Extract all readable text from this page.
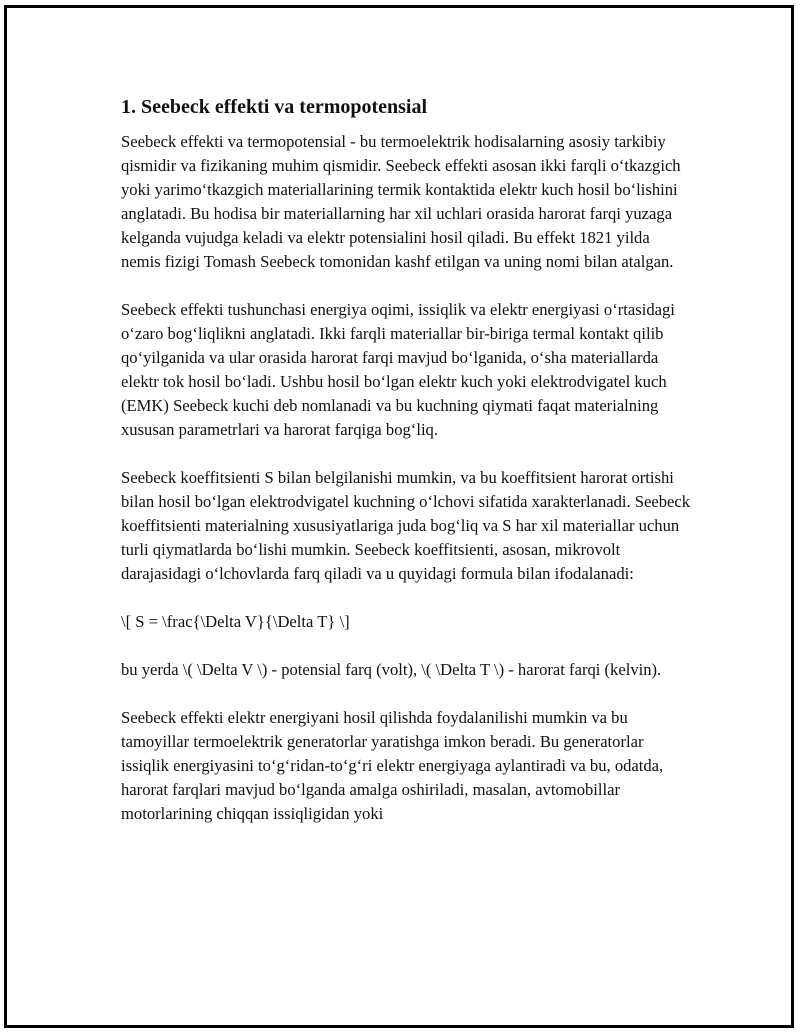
1. Seebeck effekti va termopotensial

Seebeck effekti va termopotensial - bu termoelektrik hodisalarning asosiy tarkibiy qismidir va fizikaning muhim qismidir. Seebeck effekti asosan ikki farqli o‘tkazgich yoki yarimo‘tkazgich materiallarining termik kontaktida elektr kuch hosil bo‘lishini anglatadi. Bu hodisa bir materiallarning har xil uchlari orasida harorat farqi yuzaga kelganda vujudga keladi va elektr potensialini hosil qiladi. Bu effekt 1821 yilda nemis fizigi Tomash Seebeck tomonidan kashf etilgan va uning nomi bilan atalgan.

Seebeck effekti tushunchasi energiya oqimi, issiqlik va elektr energiyasi o‘rtasidagi o‘zaro bog‘liqlikni anglatadi. Ikki farqli materiallar bir-biriga termal kontakt qilib qo‘yilganida va ular orasida harorat farqi mavjud bo‘lganida, o‘sha materiallarda elektr tok hosil bo‘ladi. Ushbu hosil bo‘lgan elektr kuch yoki elektrodvigatel kuch (EMK) Seebeck kuchi deb nomlanadi va bu kuchning qiymati faqat materialning xususan parametrlari va harorat farqiga bog‘liq.

Seebeck koeffitsienti S bilan belgilanishi mumkin, va bu koeffitsient harorat ortishi bilan hosil bo‘lgan elektrodvigatel kuchning o‘lchovi sifatida xarakterlanadi. Seebeck koeffitsienti materialning xususiyatlariga juda bog‘liq va S har xil materiallar uchun turli qiymatlarda bo‘lishi mumkin. Seebeck koeffitsienti, asosan, mikrovolt darajasidagi o‘lchovlarda farq qiladi va u quyidagi formula bilan ifodalanadi:

\[ S = \frac{\Delta V}{\Delta T} \]

bu yerda \( \Delta V \) - potensial farq (volt), \( \Delta T \) - harorat farqi (kelvin).

Seebeck effekti elektr energiyani hosil qilishda foydalanilishi mumkin va bu tamoyillar termoelektrik generatorlar yaratishga imkon beradi. Bu generatorlar issiqlik energiyasini to‘g‘ridan-to‘g‘ri elektr energiyaga aylantiradi va bu, odatda, harorat farqlari mavjud bo‘lganda amalga oshiriladi, masalan, avtomobillar motorlarining chiqqan issiqligidan yoki
